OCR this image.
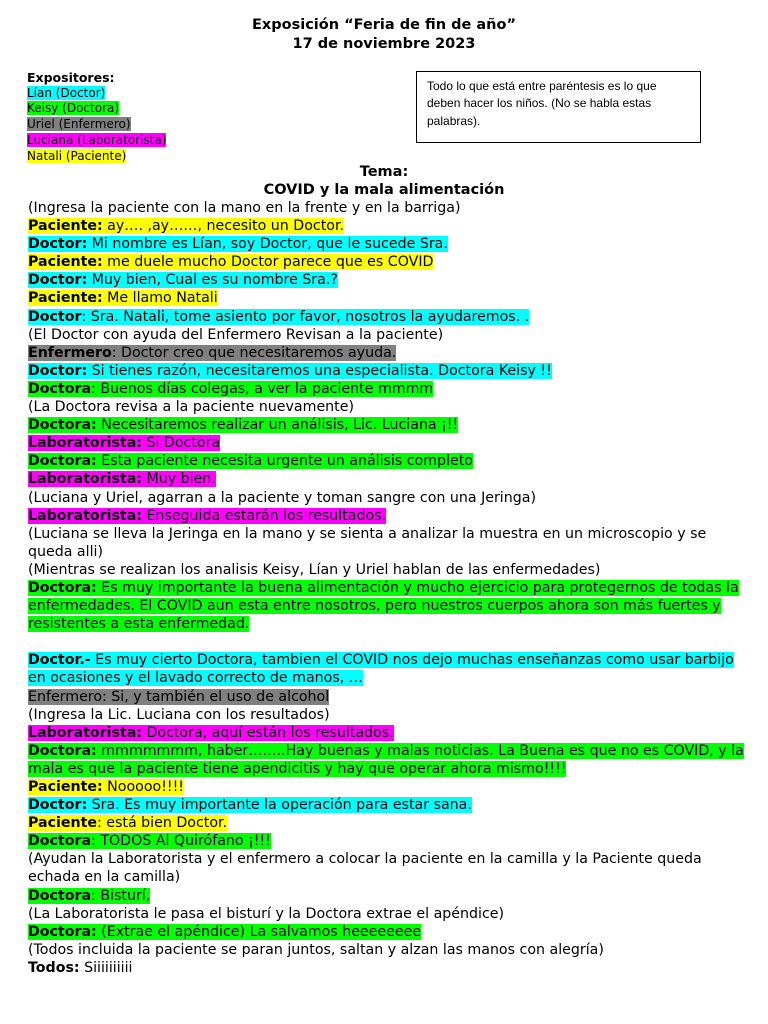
Exposición “Feria de fin de año”
17 de noviembre 2023
Expositores:
Lían (Doctor)
Keisy (Doctora)
Uriel (Enfermero)
Luciana (Laboratorista)
Natali (Paciente)
Todo lo que está entre paréntesis es lo que deben hacer los niños. (No se habla estas palabras).
Tema:
COVID y la mala alimentación

(Ingresa la paciente con la mano en la frente y en la barriga)

Paciente: ay…. ,ay……, necesito un Doctor.

Doctor: Mi nombre es Lían, soy Doctor, que le sucede Sra.

Paciente: me duele mucho Doctor parece que es COVID

Doctor: Muy bien, Cual es su nombre Sra.?

Paciente: Me llamo Natali

Doctor: Sra. Natali, tome asiento por favor, nosotros la ayudaremos. .

(El Doctor con ayuda del Enfermero Revisan a la paciente)

Enfermero: Doctor creo que necesitaremos ayuda.

Doctor: Si tienes razón, necesitaremos una especialista. Doctora Keisy !!

Doctora: Buenos días colegas, a ver la paciente mmmm

(La Doctora revisa a la paciente nuevamente)

Doctora: Necesitaremos realizar un análisis, Lic. Luciana ¡!!

Laboratorista: Si Doctora

Doctora: Esta paciente necesita urgente un análisis completo

Laboratorista: Muy bien.

(Luciana y Uriel, agarran a la paciente y toman sangre con una Jeringa)

Laboratorista: Enseguida estarán los resultados.

(Luciana se lleva la Jeringa en la mano y se sienta a analizar la muestra en un microscopio y se queda alli)

(Mientras se realizan los analisis Keisy, Lían y Uriel hablan de las enfermedades)

Doctora: Es muy importante la buena alimentación y mucho ejercicio para protegernos de todas la enfermedades. El COVID aun esta entre nosotros, pero nuestros cuerpos ahora son más fuertes y resistentes a esta enfermedad.

Doctor.- Es muy cierto Doctora, tambien el COVID nos dejo muchas enseñanzas como usar barbijo en ocasiones y el lavado correcto de manos, …

Enfermero: Si, y también el uso de alcohol

(Ingresa la Lic. Luciana con los resultados)

Laboratorista: Doctora, aquí están los resultados.

Doctora: mmmmmmm, haber……..Hay buenas y malas noticias. La Buena es que no es COVID, y la mala es que la paciente tiene apendicitis y hay que operar ahora mismo!!!!

Paciente: Nooooo!!!!

Doctor: Sra. Es muy importante la operación para estar sana.

Paciente: está bien Doctor.

Doctora: TODOS Al Quirófano ¡!!!

(Ayudan la Laboratorista y el enfermero a colocar la paciente en la camilla y la Paciente queda echada en la camilla)

Doctora: Bisturí,

(La Laboratorista le pasa el bisturí y la Doctora extrae el apéndice)

Doctora: (Extrae el apéndice) La salvamos heeeeeeee

(Todos incluida la paciente se paran juntos, saltan y alzan las manos con alegría)

Todos: Siiiiiiiiii
